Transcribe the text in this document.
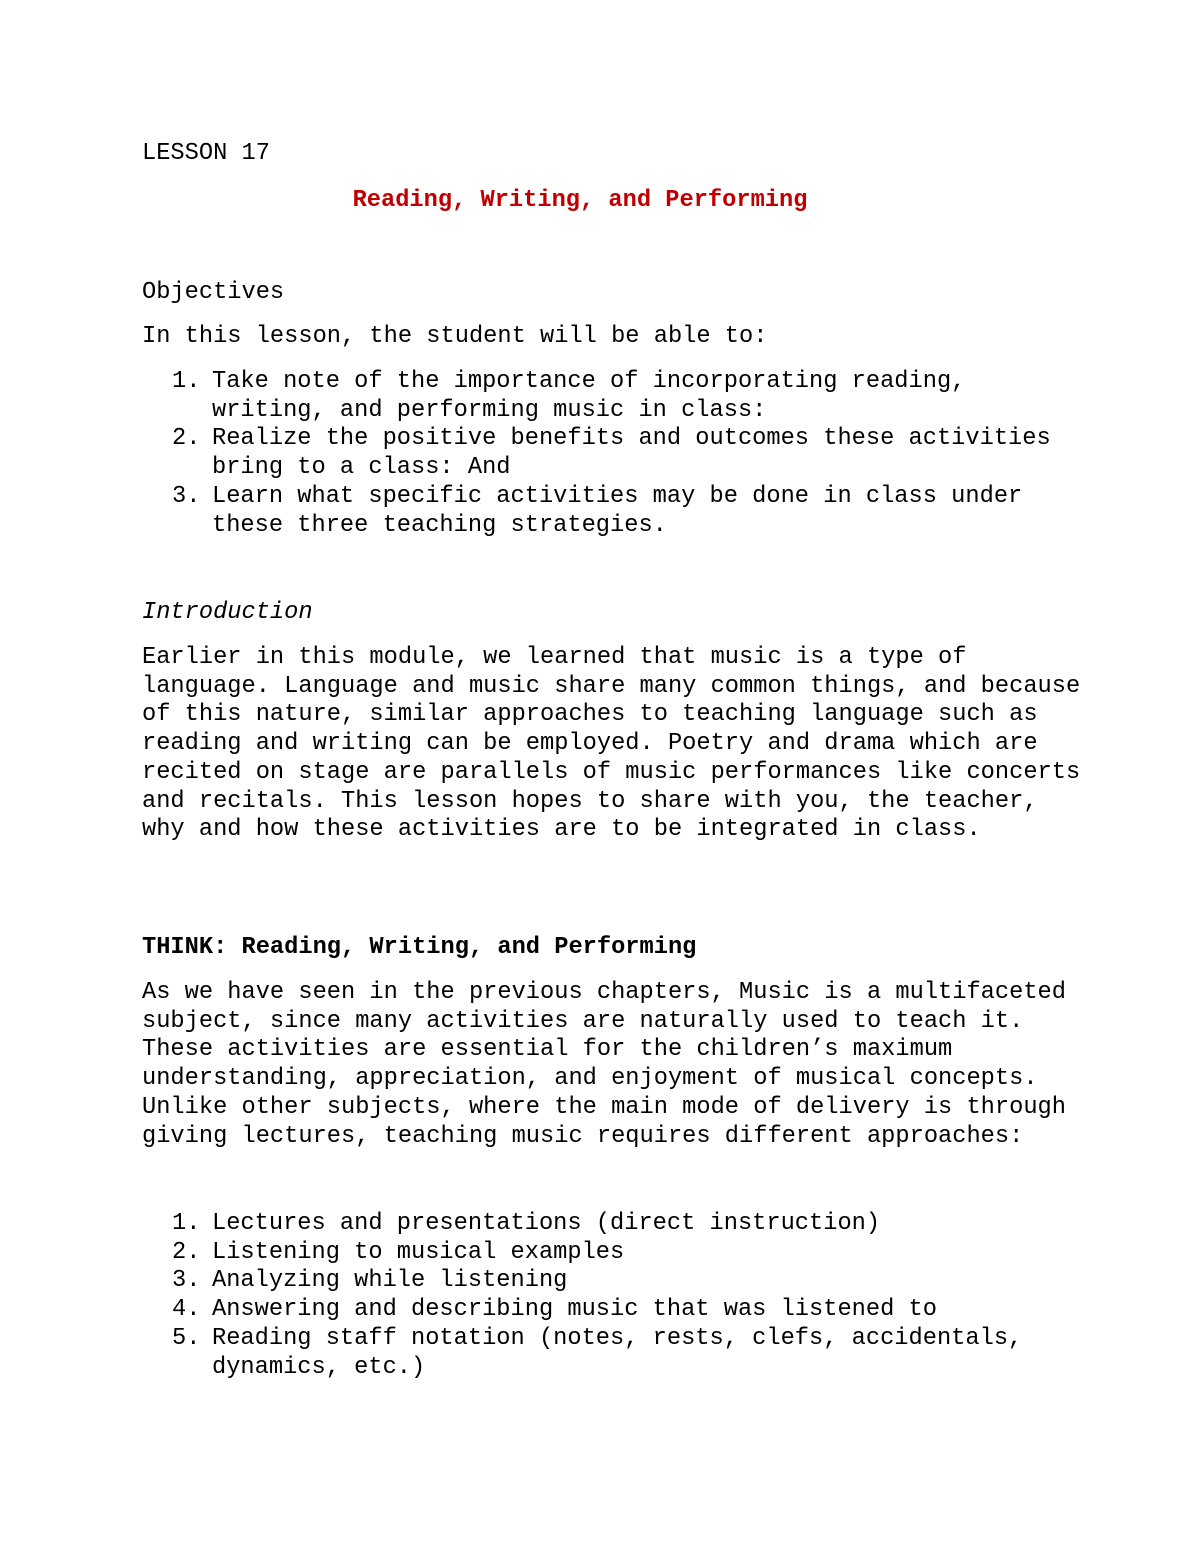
LESSON 17
Reading, Writing, and Performing
Objectives
In this lesson, the student will be able to:
1. Take note of the importance of incorporating reading, writing, and performing music in class:
2. Realize the positive benefits and outcomes these activities bring to a class: And
3. Learn what specific activities may be done in class under these three teaching strategies.
Introduction

Earlier in this module, we learned that music is a type of language. Language and music share many common things, and because of this nature, similar approaches to teaching language such as reading and writing can be employed. Poetry and drama which are recited on stage are parallels of music performances like concerts and recitals. This lesson hopes to share with you, the teacher, why and how these activities are to be integrated in class.

THINK: Reading, Writing, and Performing

As we have seen in the previous chapters, Music is a multifaceted subject, since many activities are naturally used to teach it. These activities are essential for the children’s maximum understanding, appreciation, and enjoyment of musical concepts. Unlike other subjects, where the main mode of delivery is through giving lectures, teaching music requires different approaches:

1. Lectures and presentations (direct instruction)
2. Listening to musical examples
3. Analyzing while listening
4. Answering and describing music that was listened to
5. Reading staff notation (notes, rests, clefs, accidentals, dynamics, etc.)
